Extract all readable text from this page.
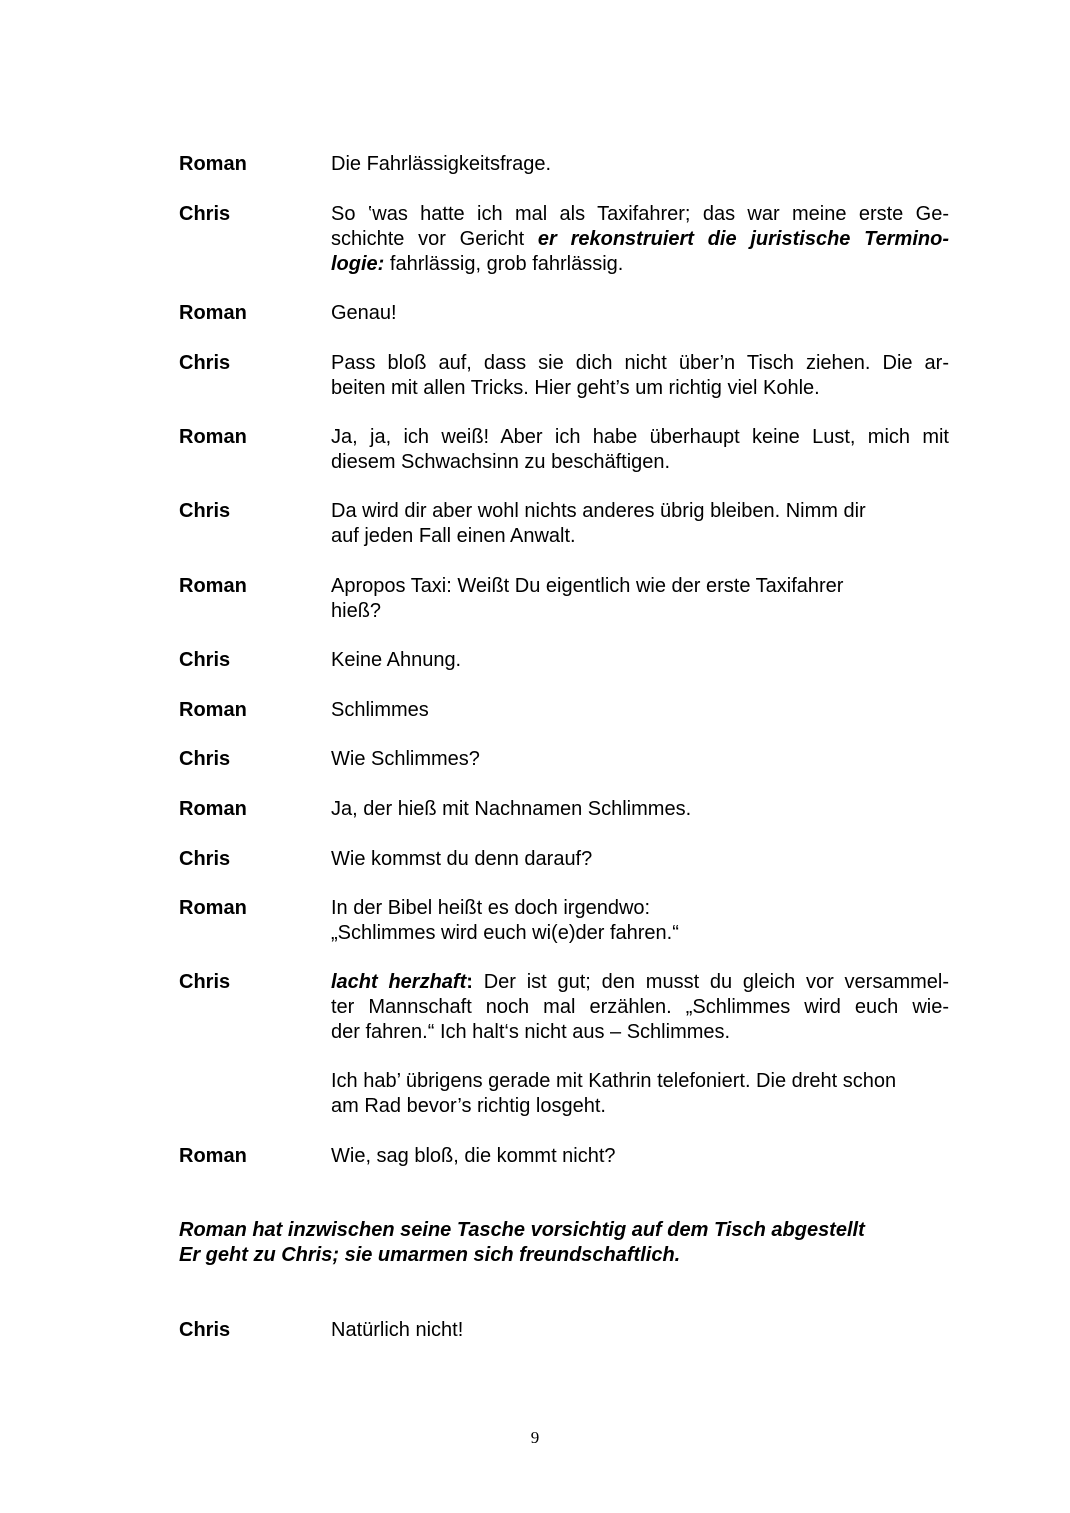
Roman	Die Fahrlässigkeitsfrage.
Chris	So ‛was hatte ich mal als Taxifahrer; das war meine erste Ge-
schichte vor Gericht er rekonstruiert die juristische Termino-
logie: fahrlässig, grob fahrlässig.
Roman	Genau!
Chris	Pass bloß auf, dass sie dich nicht über’n Tisch ziehen. Die ar-
beiten mit allen Tricks. Hier geht’s um richtig viel Kohle.
Roman	Ja, ja, ich weiß! Aber ich habe überhaupt keine Lust, mich mit
diesem Schwachsinn zu beschäftigen.
Chris	Da wird dir aber wohl nichts anderes übrig bleiben. Nimm dir
auf jeden Fall einen Anwalt.
Roman	Apropos Taxi: Weißt Du eigentlich wie der erste Taxifahrer
hieß?
Chris	Keine Ahnung.
Roman	Schlimmes
Chris	Wie Schlimmes?
Roman	Ja, der hieß mit Nachnamen Schlimmes.
Chris	Wie kommst du denn darauf?
Roman	In der Bibel heißt es doch irgendwo:
„Schlimmes wird euch wi(e)der fahren.“
Chris	lacht herzhaft: Der ist gut; den musst du gleich vor versammel-
ter Mannschaft noch mal erzählen. „Schlimmes wird euch wie-
der fahren.“ Ich halt‘s nicht aus – Schlimmes.
Ich hab’ übrigens gerade mit Kathrin telefoniert. Die dreht schon
am Rad bevor’s richtig losgeht.
Roman	Wie, sag bloß, die kommt nicht?
Roman hat inzwischen seine Tasche vorsichtig auf dem Tisch abgestellt
Er geht zu Chris; sie umarmen sich freundschaftlich.
Chris	Natürlich nicht!
9
